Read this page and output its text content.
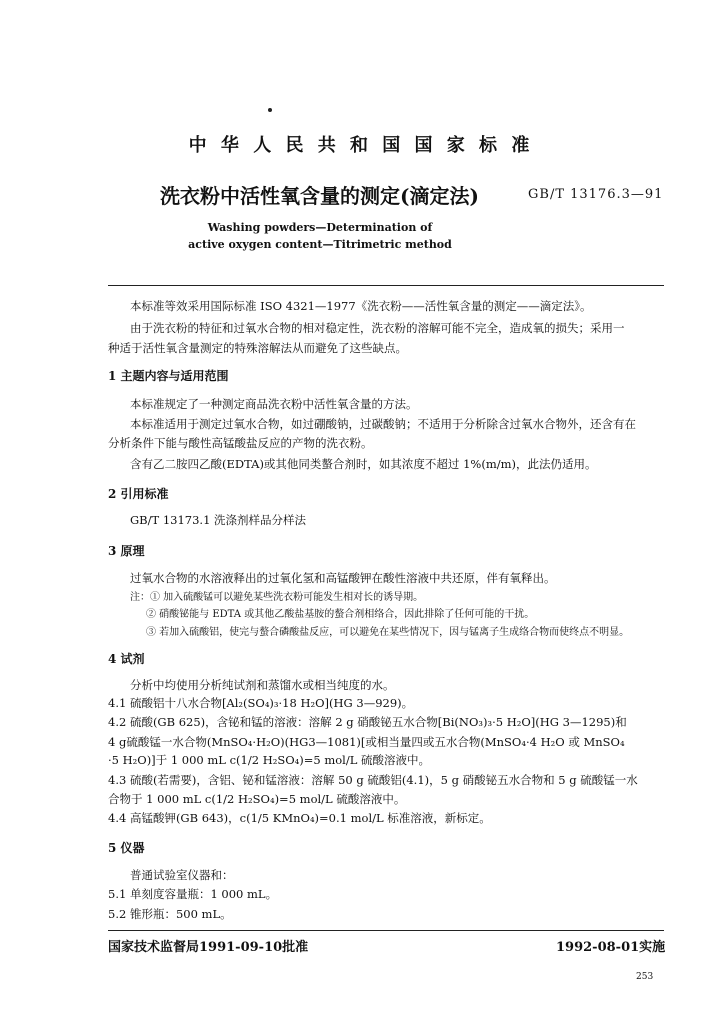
中 华 人 民 共 和 国 国 家 标 准
洗衣粉中活性氧含量的测定(滴定法)	GB/T 13176.3—91
Washing powders—Determination of
active oxygen content—Titrimetric method
本标准等效采用国际标准 ISO 4321—1977《洗衣粉——活性氧含量的测定——滴定法》。
由于洗衣粉的特征和过氧水合物的相对稳定性，洗衣粉的溶解可能不完全，造成氧的损失；采用一
种适于活性氧含量测定的特殊溶解法从而避免了这些缺点。
1 主题内容与适用范围
本标准规定了一种测定商品洗衣粉中活性氧含量的方法。
本标准适用于测定过氧水合物，如过硼酸钠，过碳酸钠；不适用于分析除含过氧水合物外，还含有在
分析条件下能与酸性高锰酸盐反应的产物的洗衣粉。
含有乙二胺四乙酸(EDTA)或其他同类螯合剂时，如其浓度不超过 1%(m/m)，此法仍适用。
2 引用标准
GB/T 13173.1 洗涤剂样品分样法
3 原理
过氧水合物的水溶液释出的过氧化氢和高锰酸钾在酸性溶液中共还原，伴有氧释出。
注：① 加入硫酸锰可以避免某些洗衣粉可能发生相对长的诱导期。
② 硝酸铋能与 EDTA 或其他乙酸盐基胺的螯合剂相络合，因此排除了任何可能的干扰。
③ 若加入硫酸铝，使完与螯合磷酸盐反应，可以避免在某些情况下，因与锰离子生成络合物而使终点不明显。
4 试剂
分析中均使用分析纯试剂和蒸馏水或相当纯度的水。
4.1 硫酸铝十八水合物[Al₂(SO₄)₃·18 H₂O](HG 3—929)。
4.2 硫酸(GB 625)，含铋和锰的溶液：溶解 2 g 硝酸铋五水合物[Bi(NO₃)₃·5 H₂O](HG 3—1295)和
4 g硫酸锰一水合物(MnSO₄·H₂O)(HG3—1081)[或相当量四或五水合物(MnSO₄·4 H₂O 或 MnSO₄
·5 H₂O)]于 1 000 mL c(1/2 H₂SO₄)=5 mol/L 硫酸溶液中。
4.3 硫酸(若需要)，含铝、铋和锰溶液：溶解 50 g 硫酸铝(4.1)，5 g 硝酸铋五水合物和 5 g 硫酸锰一水
合物于 1 000 mL c(1/2 H₂SO₄)=5 mol/L 硫酸溶液中。
4.4 高锰酸钾(GB 643)，c(1/5 KMnO₄)=0.1 mol/L 标准溶液，新标定。
5 仪器
普通试验室仪器和：
5.1 单刻度容量瓶：1 000 mL。
5.2 锥形瓶：500 mL。
国家技术监督局1991-09-10批准	1992-08-01实施
253
